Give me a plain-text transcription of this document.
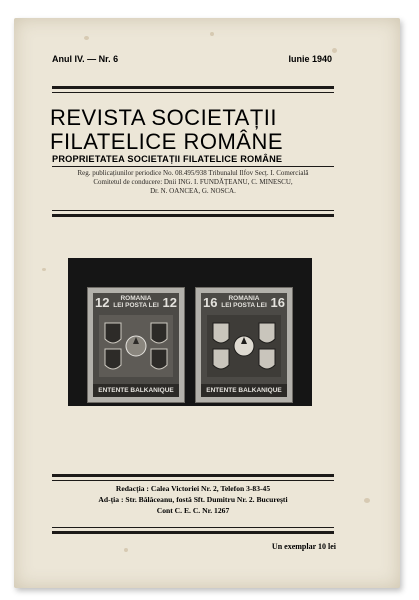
Anul IV. — Nr. 6	Iunie 1940
REVISTA SOCIETAȚII
FILATELICE ROMÂNE
PROPRIETATEA SOCIETAȚII FILATELICE ROMÂNE
Reg. publicațiunilor periodice No. 08.495/938 Tribunalul Ilfov Secț. I. Comercială
Comitetul de conducere: Dnii ING. I. FUNDĂȚEANU, C. MINESCU,
Dr. N. OANCEA, G. NOSCA.
12	ROMANIA
LEI POSTA LEI 12
ENTENTE BALKANIQUE
16	ROMANIA
LEI POSTA LEI 16
ENTENTE BALKANIQUE
Redacția : Calea Victoriei Nr. 2, Telefon 3-83-45
Ad-ția : Str. Bălăceanu, fostă Sft. Dumitru Nr. 2. București
Cont C. E. C. Nr. 1267
Un exemplar 10 lei
